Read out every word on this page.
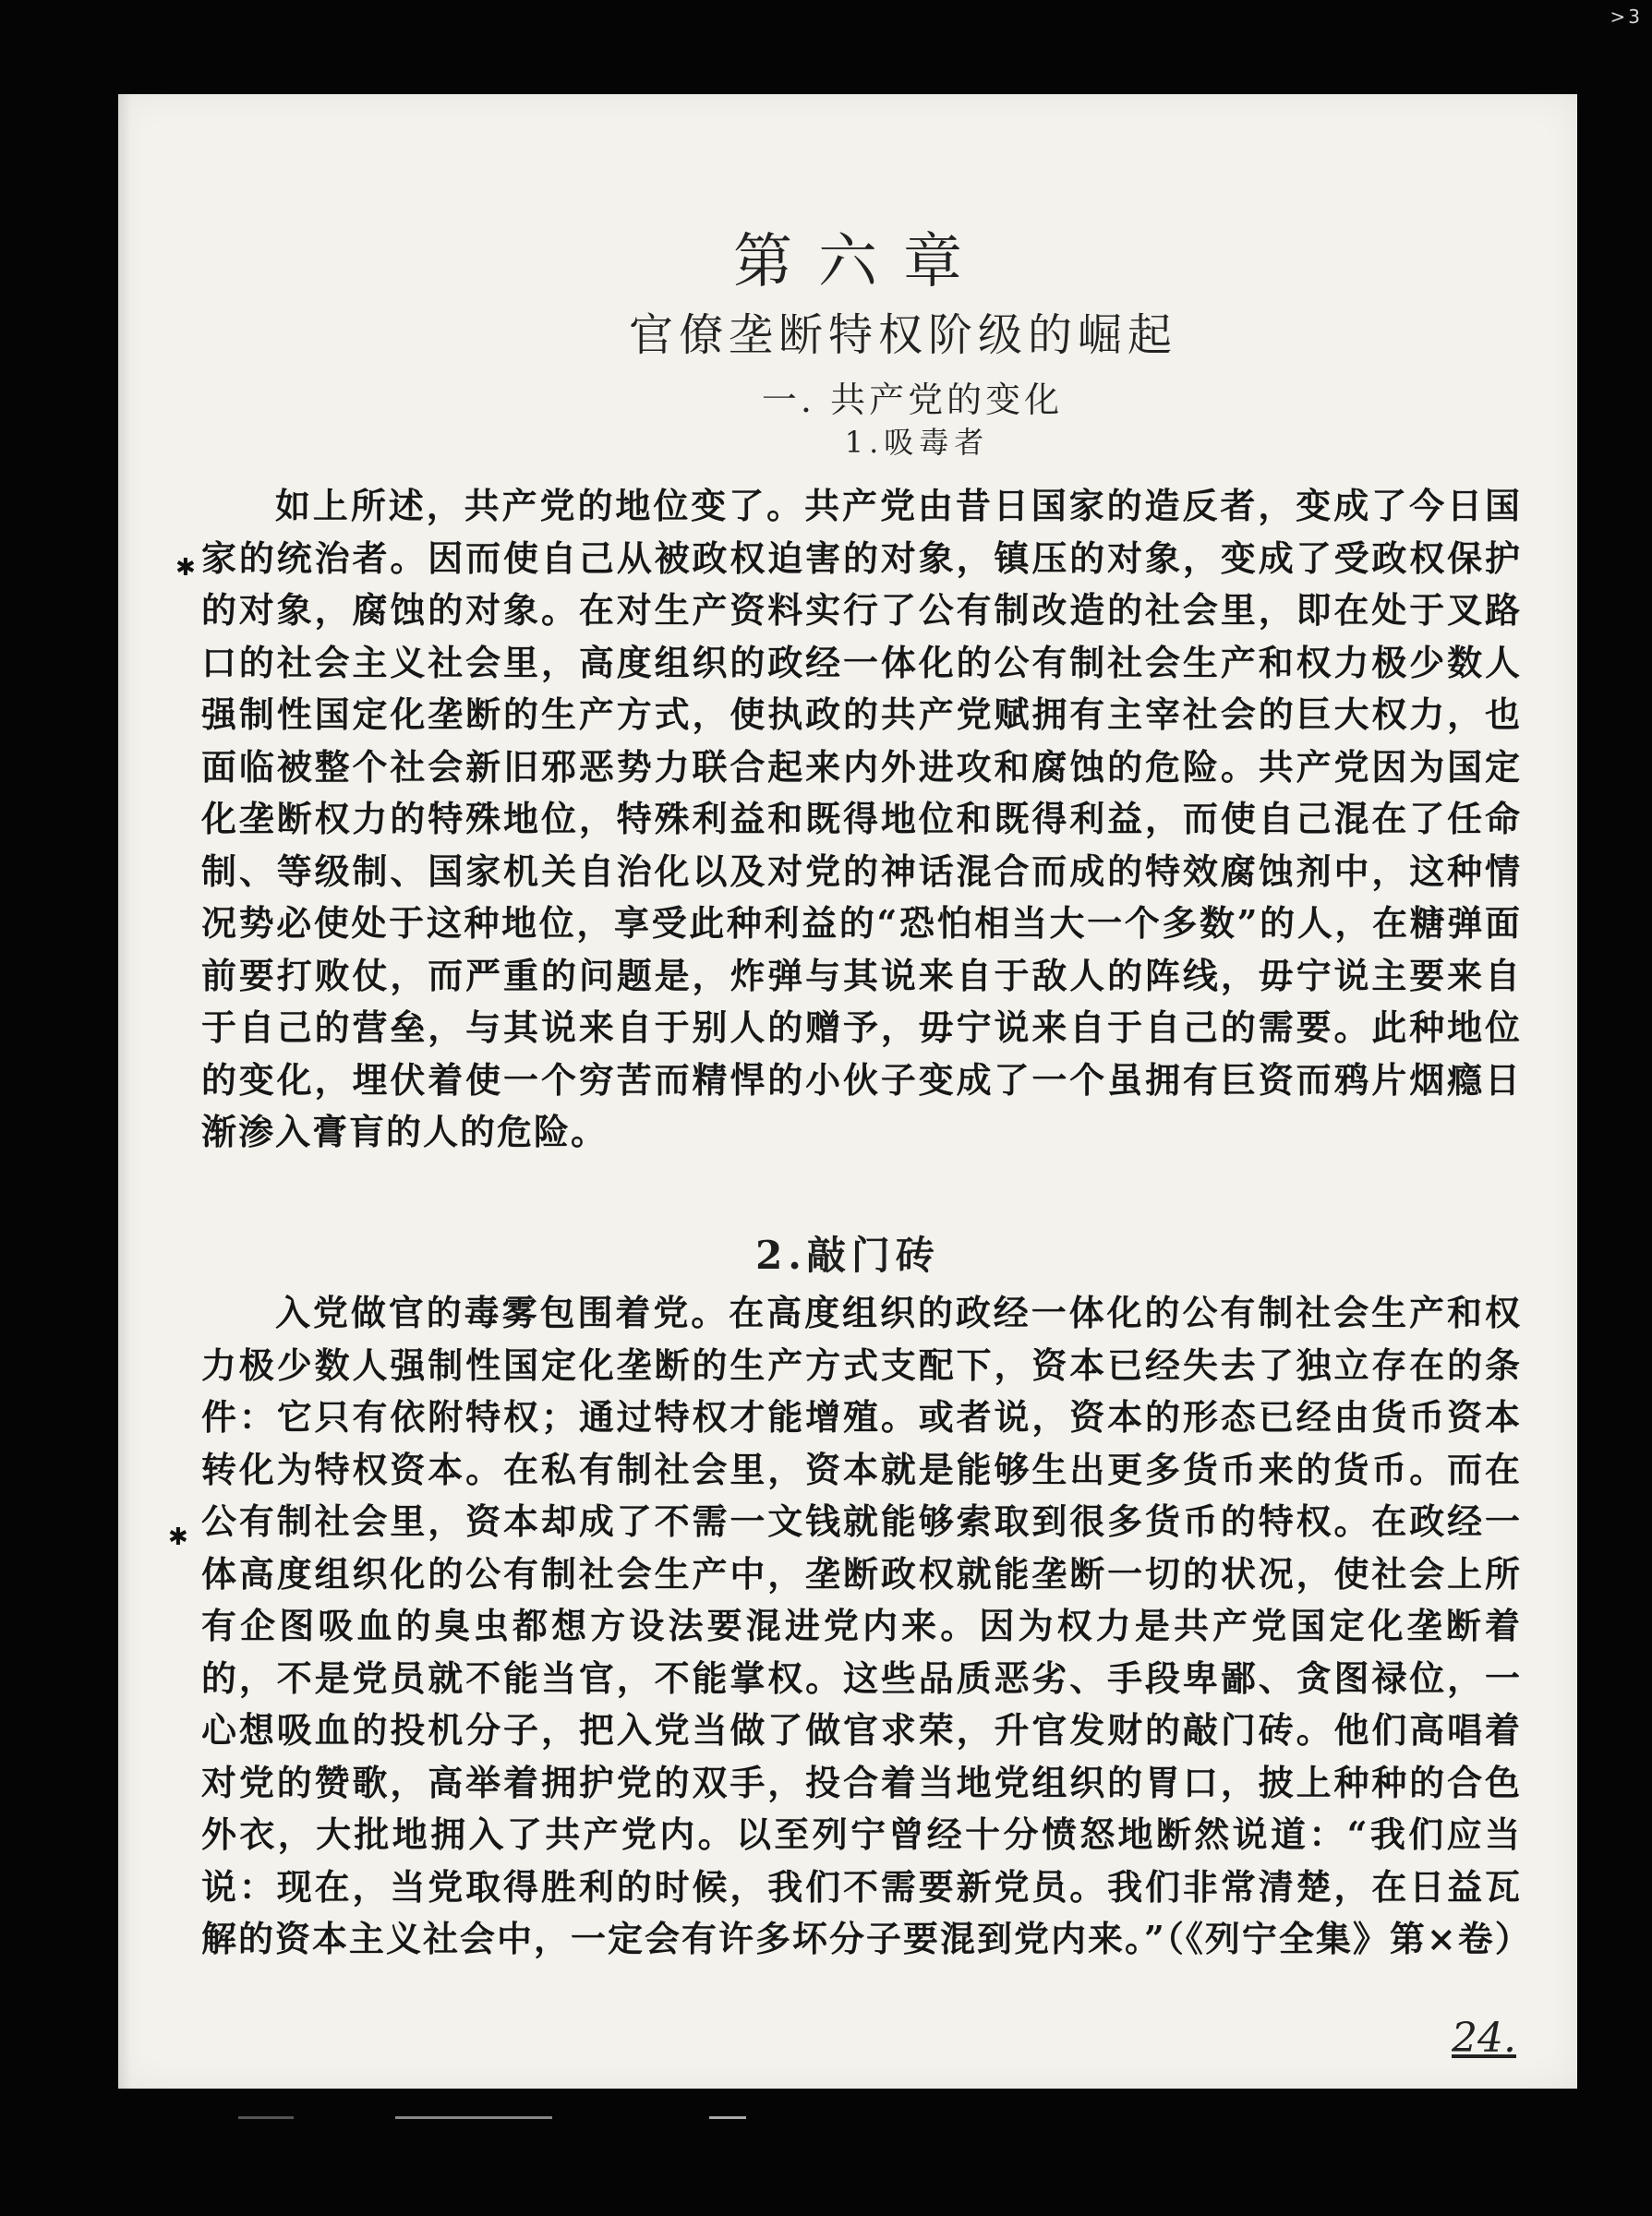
>3
第六章
官僚垄断特权阶级的崛起
一. 共产党的变化
1.吸毒者

如上所述，共产党的地位变了。共产党由昔日国家的造反者，变成了今日国家的统治者。因而使自己从被政权迫害的对象，镇压的对象，变成了受政权保护的对象，腐蚀的对象。在对生产资料实行了公有制改造的社会里，即在处于叉路口的社会主义社会里，高度组织的政经一体化的公有制社会生产和权力极少数人强制性国定化垄断的生产方式，使执政的共产党赋拥有主宰社会的巨大权力，也面临被整个社会新旧邪恶势力联合起来内外进攻和腐蚀的危险。共产党因为国定化垄断权力的特殊地位，特殊利益和既得地位和既得利益，而使自己混在了任命制、等级制、国家机关自治化以及对党的神话混合而成的特效腐蚀剂中，这种情况势必使处于这种地位，享受此种利益的“恐怕相当大一个多数”的人，在糖弹面前要打败仗，而严重的问题是，炸弹与其说来自于敌人的阵线，毋宁说主要来自于自己的营垒，与其说来自于别人的赠予，毋宁说来自于自己的需要。此种地位的变化，埋伏着使一个穷苦而精悍的小伙子变成了一个虽拥有巨资而鸦片烟瘾日渐渗入膏肓的人的危险。

2.敲门砖

入党做官的毒雾包围着党。在高度组织的政经一体化的公有制社会生产和权力极少数人强制性国定化垄断的生产方式支配下，资本已经失去了独立存在的条件：它只有依附特权；通过特权才能增殖。或者说，资本的形态已经由货币资本转化为特权资本。在私有制社会里，资本就是能够生出更多货币来的货币。而在公有制社会里，资本却成了不需一文钱就能够索取到很多货币的特权。在政经一体高度组织化的公有制社会生产中，垄断政权就能垄断一切的状况，使社会上所有企图吸血的臭虫都想方设法要混进党内来。因为权力是共产党国定化垄断着的，不是党员就不能当官，不能掌权。这些品质恶劣、手段卑鄙、贪图禄位，一心想吸血的投机分子，把入党当做了做官求荣，升官发财的敲门砖。他们高唱着对党的赞歌，高举着拥护党的双手，投合着当地党组织的胃口，披上种种的合色外衣，大批地拥入了共产党内。以至列宁曾经十分愤怒地断然说道：“我们应当说：现在，当党取得胜利的时候，我们不需要新党员。我们非常清楚，在日益瓦解的资本主义社会中，一定会有许多坏分子要混到党内来。”（《列宁全集》第×卷）

24.
✱
✱
